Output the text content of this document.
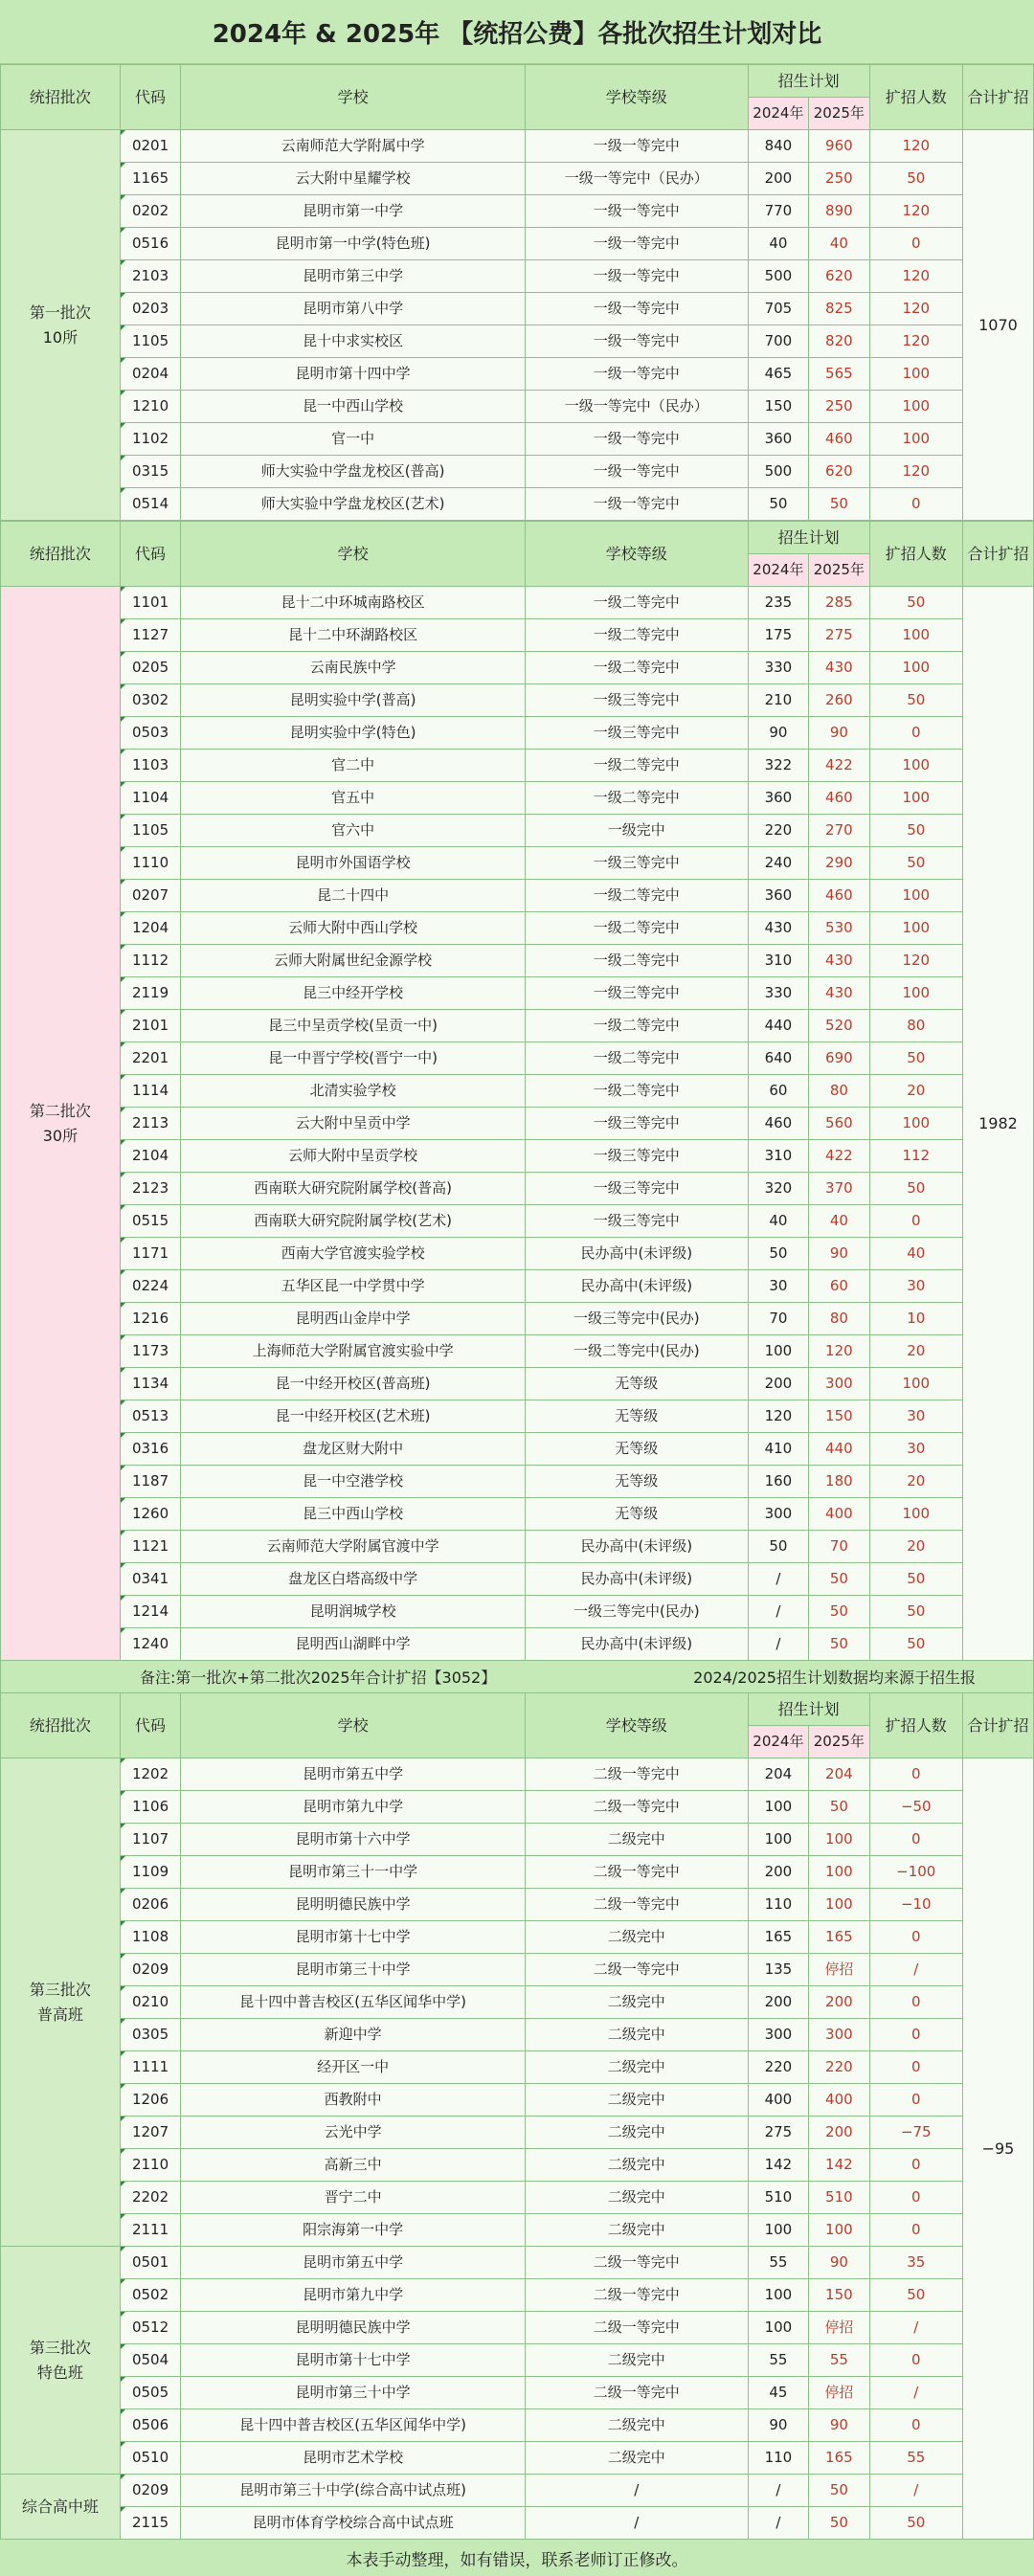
2024年 & 2025年 【统招公费】各批次招生计划对比
统招批次	代码	学校	学校等级	招生计划		扩招人数	合计扩招
				2024年	2025年		
第一批次
10所	0201	云南师范大学附属中学	一级一等完中	840	960	120	1070
	1165	云大附中星耀学校	一级一等完中（民办）	200	250	50	
	0202	昆明市第一中学	一级一等完中	770	890	120	
	0516	昆明市第一中学(特色班)	一级一等完中	40	40	0	
	2103	昆明市第三中学	一级一等完中	500	620	120	
	0203	昆明市第八中学	一级一等完中	705	825	120	
	1105	昆十中求实校区	一级一等完中	700	820	120	
	0204	昆明市第十四中学	一级一等完中	465	565	100	
	1210	昆一中西山学校	一级一等完中（民办）	150	250	100	
	1102	官一中	一级一等完中	360	460	100	
	0315	师大实验中学盘龙校区(普高)	一级一等完中	500	620	120	
	0514	师大实验中学盘龙校区(艺术)	一级一等完中	50	50	0	
统招批次	代码	学校	学校等级	招生计划		扩招人数	合计扩招
				2024年	2025年		
第二批次
30所	1101	昆十二中环城南路校区	一级二等完中	235	285	50	1982
	1127	昆十二中环湖路校区	一级二等完中	175	275	100	
	0205	云南民族中学	一级二等完中	330	430	100	
	0302	昆明实验中学(普高)	一级三等完中	210	260	50	
	0503	昆明实验中学(特色)	一级三等完中	90	90	0	
	1103	官二中	一级二等完中	322	422	100	
	1104	官五中	一级二等完中	360	460	100	
	1105	官六中	一级完中	220	270	50	
	1110	昆明市外国语学校	一级三等完中	240	290	50	
	0207	昆二十四中	一级二等完中	360	460	100	
	1204	云师大附中西山学校	一级二等完中	430	530	100	
	1112	云师大附属世纪金源学校	一级二等完中	310	430	120	
	2119	昆三中经开学校	一级三等完中	330	430	100	
	2101	昆三中呈贡学校(呈贡一中)	一级二等完中	440	520	80	
	2201	昆一中晋宁学校(晋宁一中)	一级二等完中	640	690	50	
	1114	北清实验学校	一级二等完中	60	80	20	
	2113	云大附中呈贡中学	一级三等完中	460	560	100	
	2104	云师大附中呈贡学校	一级三等完中	310	422	112	
	2123	西南联大研究院附属学校(普高)	一级三等完中	320	370	50	
	0515	西南联大研究院附属学校(艺术)	一级三等完中	40	40	0	
	1171	西南大学官渡实验学校	民办高中(未评级)	50	90	40	
	0224	五华区昆一中学贯中学	民办高中(未评级)	30	60	30	
	1216	昆明西山金岸中学	一级三等完中(民办)	70	80	10	
	1173	上海师范大学附属官渡实验中学	一级二等完中(民办)	100	120	20	
	1134	昆一中经开校区(普高班)	无等级	200	300	100	
	0513	昆一中经开校区(艺术班)	无等级	120	150	30	
	0316	盘龙区财大附中	无等级	410	440	30	
	1187	昆一中空港学校	无等级	160	180	20	
	1260	昆三中西山学校	无等级	300	400	100	
	1121	云南师范大学附属官渡中学	民办高中(未评级)	50	70	20	
	0341	盘龙区白塔高级中学	民办高中(未评级)	/	50	50	
	1214	昆明润城学校	一级三等完中(民办)	/	50	50	
	1240	昆明西山湖畔中学	民办高中(未评级)	/	50	50	
备注:第一批次+第二批次2025年合计扩招【3052】	2024/2025招生计划数据均来源于招生报
统招批次	代码	学校	学校等级	招生计划		扩招人数	合计扩招
				2024年	2025年		
第三批次
普高班	1202	昆明市第五中学	二级一等完中	204	204	0	−95
	1106	昆明市第九中学	二级一等完中	100	50	−50	
	1107	昆明市第十六中学	二级完中	100	100	0	
	1109	昆明市第三十一中学	二级一等完中	200	100	−100	
	0206	昆明明德民族中学	二级一等完中	110	100	−10	
	1108	昆明市第十七中学	二级完中	165	165	0	
	0209	昆明市第三十中学	二级一等完中	135	停招	/	
	0210	昆十四中普吉校区(五华区闻华中学)	二级完中	200	200	0	
	0305	新迎中学	二级完中	300	300	0	
	1111	经开区一中	二级完中	220	220	0	
	1206	西教附中	二级完中	400	400	0	
	1207	云光中学	二级完中	275	200	−75	
	2110	高新三中	二级完中	142	142	0	
	2202	晋宁二中	二级完中	510	510	0	
	2111	阳宗海第一中学	二级完中	100	100	0	
第三批次
特色班	0501	昆明市第五中学	二级一等完中	55	90	35	
	0502	昆明市第九中学	二级一等完中	100	150	50	
	0512	昆明明德民族中学	二级一等完中	100	停招	/	
	0504	昆明市第十七中学	二级完中	55	55	0	
	0505	昆明市第三十中学	二级一等完中	45	停招	/	
	0506	昆十四中普吉校区(五华区闻华中学)	二级完中	90	90	0	
	0510	昆明市艺术学校	二级完中	110	165	55	
综合高中班	0209	昆明市第三十中学(综合高中试点班)	/	/	50	/	
	2115	昆明市体育学校综合高中试点班	/	/	50	50	
本表手动整理，如有错误，联系老师订正修改。
